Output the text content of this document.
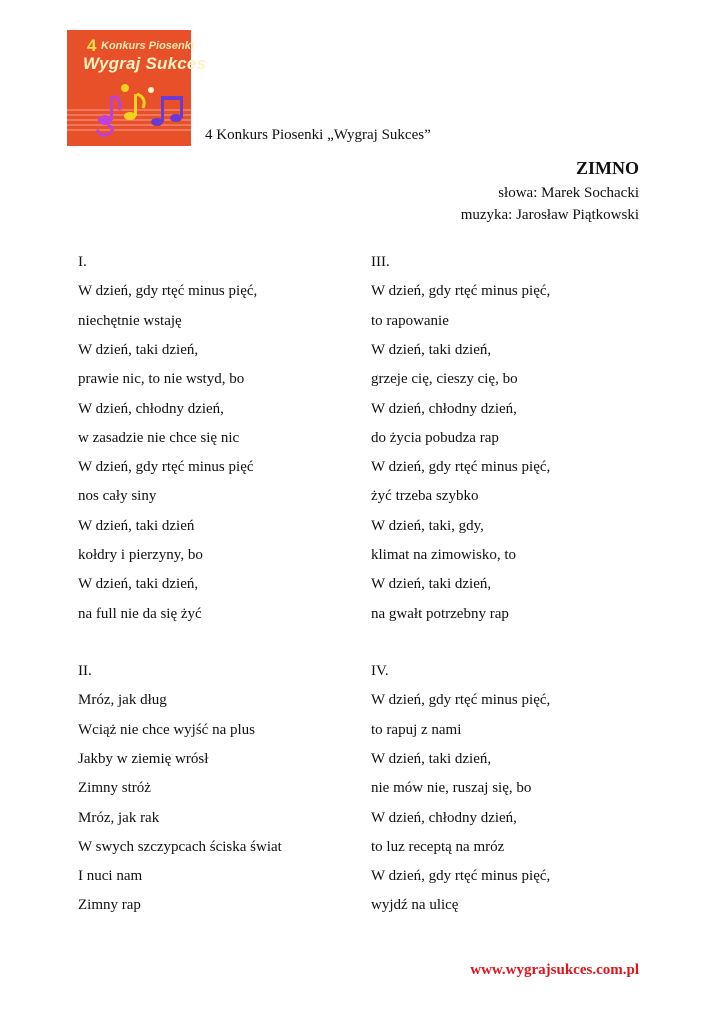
4 Konkurs Piosenki
Wygraj Sukces
4 Konkurs Piosenki „Wygraj Sukces”
ZIMNO
słowa: Marek Sochacki
muzyka: Jarosław Piątkowski
I.
W dzień, gdy rtęć minus pięć,
niechętnie wstaję
W dzień, taki dzień,
prawie nic, to nie wstyd, bo
W dzień, chłodny dzień,
w zasadzie nie chce się nic
W dzień, gdy rtęć minus pięć
nos cały siny
W dzień, taki dzień
kołdry i pierzyny, bo
W dzień, taki dzień,
na full nie da się żyć
III.
W dzień, gdy rtęć minus pięć,
to rapowanie
W dzień, taki dzień,
grzeje cię, cieszy cię, bo
W dzień, chłodny dzień,
do życia pobudza rap
W dzień, gdy rtęć minus pięć,
żyć trzeba szybko
W dzień, taki, gdy,
klimat na zimowisko, to
W dzień, taki dzień,
na gwałt potrzebny rap
II.
Mróz, jak dług
Wciąż nie chce wyjść na plus
Jakby w ziemię wrósł
Zimny stróż
Mróz, jak rak
W swych szczypcach ściska świat
I nuci nam
Zimny rap
IV.
W dzień, gdy rtęć minus pięć,
to rapuj z nami
W dzień, taki dzień,
nie mów nie, ruszaj się, bo
W dzień, chłodny dzień,
to luz receptą na mróz
W dzień, gdy rtęć minus pięć,
wyjdź na ulicę
www.wygrajsukces.com.pl
